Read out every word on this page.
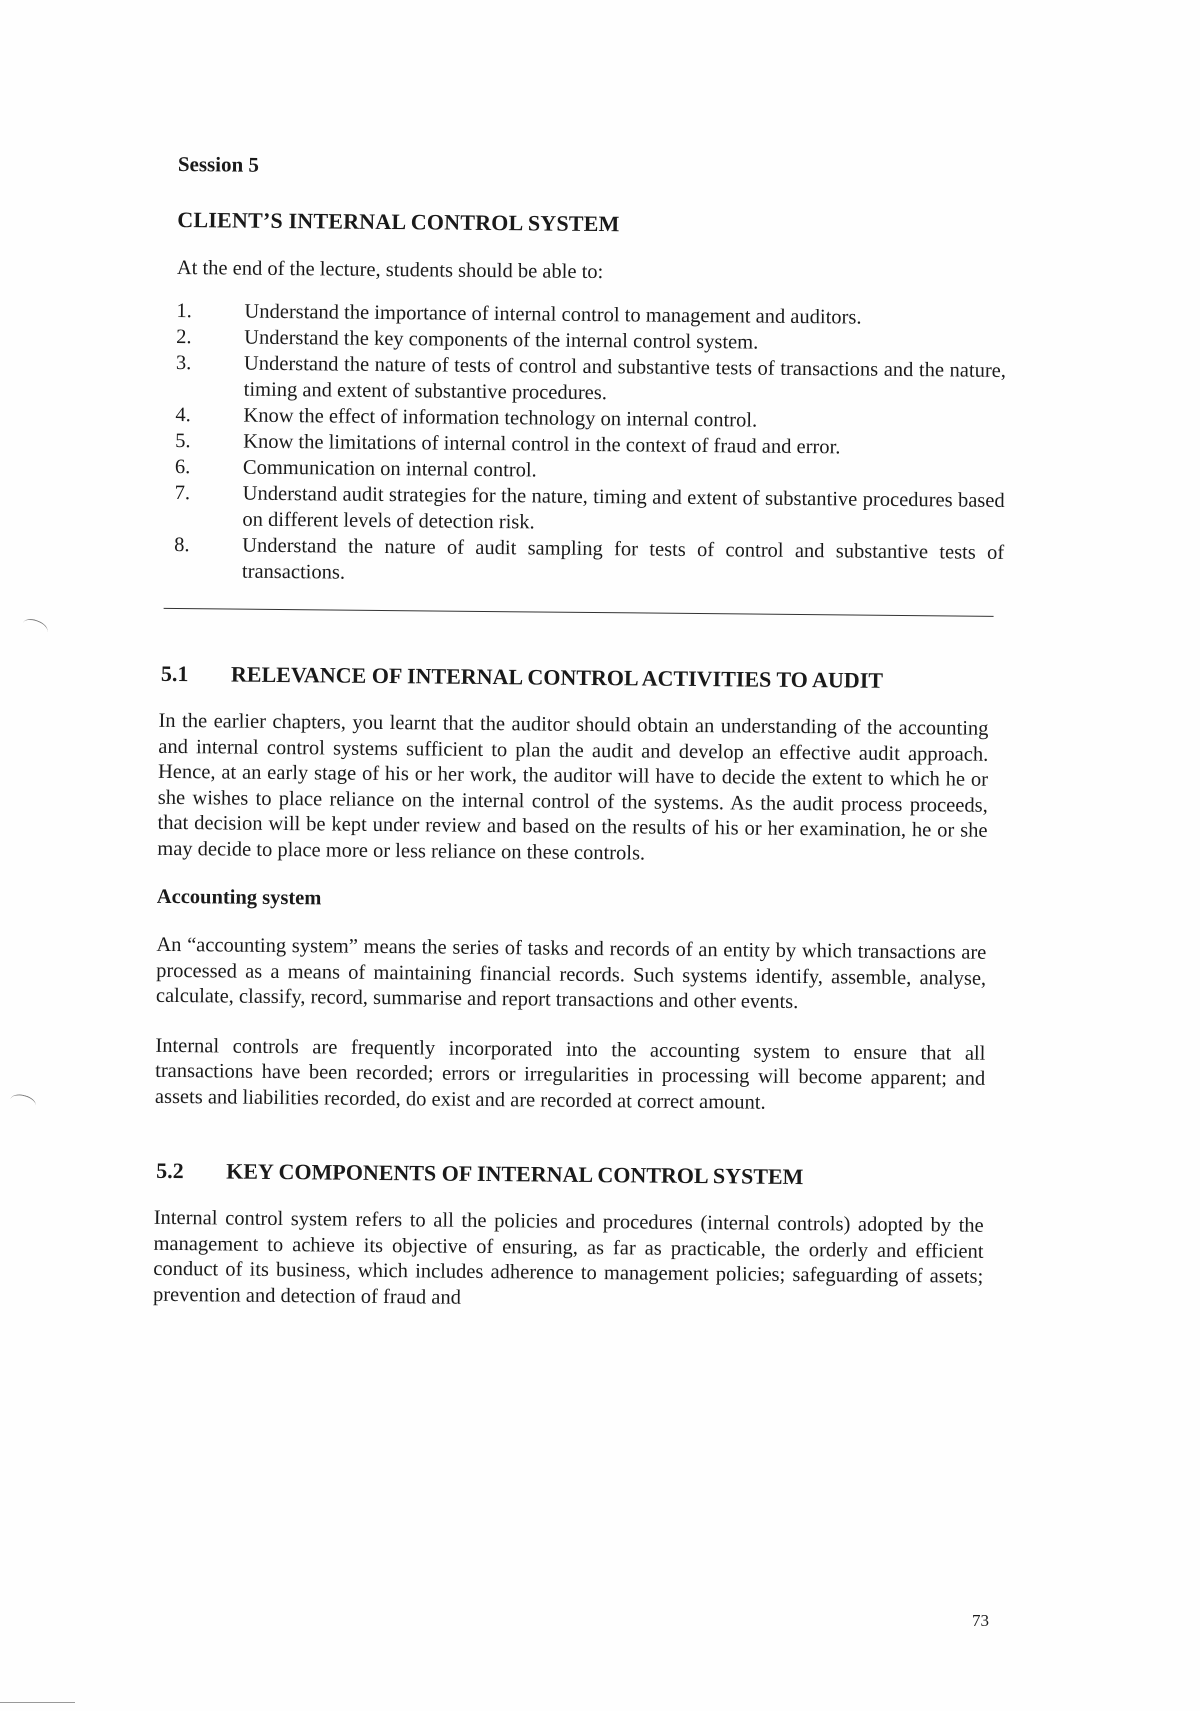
Session 5
CLIENT’S INTERNAL CONTROL SYSTEM
At the end of the lecture, students should be able to:
1.	Understand the importance of internal control to management and auditors.
2.	Understand the key components of the internal control system.
3.	Understand the nature of tests of control and substantive tests of transactions and the nature, timing and extent of substantive procedures.
4.	Know the effect of information technology on internal control.
5.	Know the limitations of internal control in the context of fraud and error.
6.	Communication on internal control.
7.	Understand audit strategies for the nature, timing and extent of substantive procedures based on different levels of detection risk.
8.	Understand the nature of audit sampling for tests of control and substantive tests of transactions.
5.1	RELEVANCE OF INTERNAL CONTROL ACTIVITIES TO AUDIT

In the earlier chapters, you learnt that the auditor should obtain an understanding of the accounting and internal control systems sufficient to plan the audit and develop an effective audit approach. Hence, at an early stage of his or her work, the auditor will have to decide the extent to which he or she wishes to place reliance on the internal control of the systems. As the audit process proceeds, that decision will be kept under review and based on the results of his or her examination, he or she may decide to place more or less reliance on these controls.

Accounting system

An “accounting system” means the series of tasks and records of an entity by which transactions are processed as a means of maintaining financial records. Such systems identify, assemble, analyse, calculate, classify, record, summarise and report transactions and other events.

Internal controls are frequently incorporated into the accounting system to ensure that all transactions have been recorded; errors or irregularities in processing will become apparent; and assets and liabilities recorded, do exist and are recorded at correct amount.

5.2	KEY COMPONENTS OF INTERNAL CONTROL SYSTEM

Internal control system refers to all the policies and procedures (internal controls) adopted by the management to achieve its objective of ensuring, as far as practicable, the orderly and efficient conduct of its business, which includes adherence to management policies; safeguarding of assets; prevention and detection of fraud and

73
